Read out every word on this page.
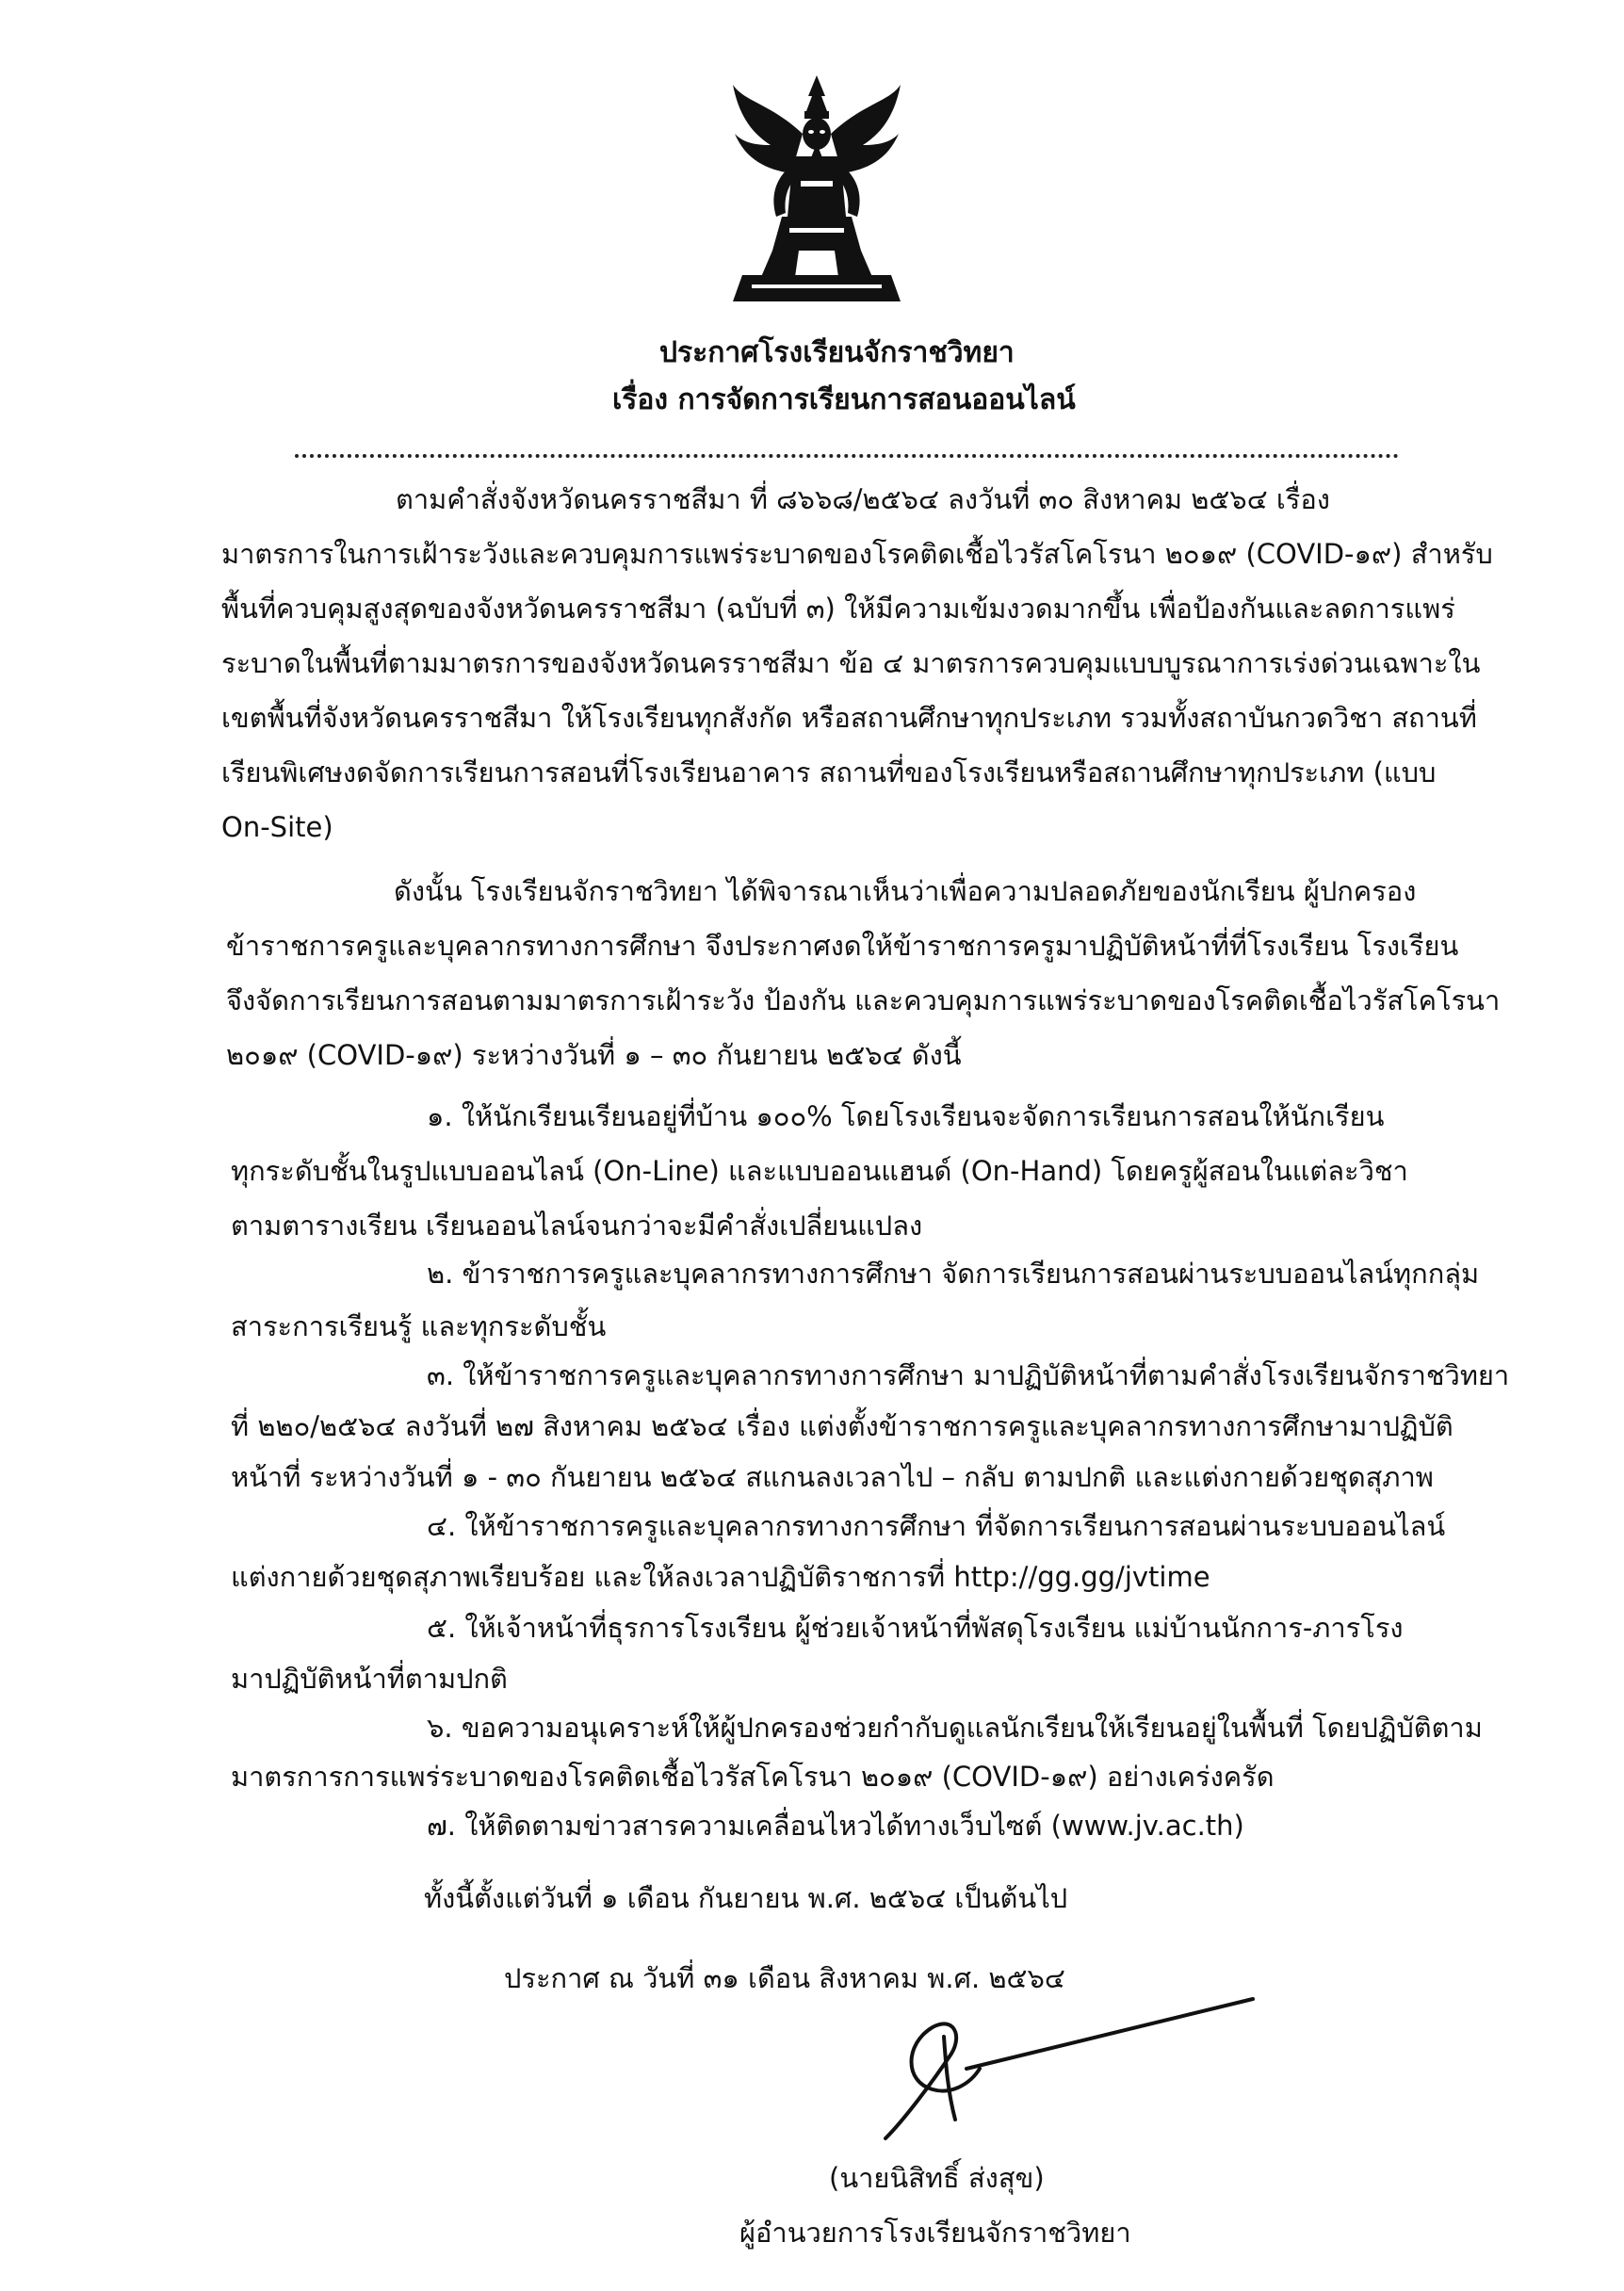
ประกาศโรงเรียนจักราชวิทยา
เรื่อง การจัดการเรียนการสอนออนไลน์
ตามคำสั่งจังหวัดนครราชสีมา ที่ ๘๖๖๘/๒๕๖๔ ลงวันที่ ๓๐ สิงหาคม ๒๕๖๔ เรื่อง
มาตรการในการเฝ้าระวังและควบคุมการแพร่ระบาดของโรคติดเชื้อไวรัสโคโรนา ๒๐๑๙ (COVID-๑๙) สำหรับ
พื้นที่ควบคุมสูงสุดของจังหวัดนครราชสีมา (ฉบับที่ ๓) ให้มีความเข้มงวดมากขึ้น เพื่อป้องกันและลดการแพร่
ระบาดในพื้นที่ตามมาตรการของจังหวัดนครราชสีมา ข้อ ๔ มาตรการควบคุมแบบบูรณาการเร่งด่วนเฉพาะใน
เขตพื้นที่จังหวัดนครราชสีมา ให้โรงเรียนทุกสังกัด หรือสถานศึกษาทุกประเภท รวมทั้งสถาบันกวดวิชา สถานที่
เรียนพิเศษงดจัดการเรียนการสอนที่โรงเรียนอาคาร สถานที่ของโรงเรียนหรือสถานศึกษาทุกประเภท (แบบ
On-Site)
ดังนั้น โรงเรียนจักราชวิทยา ได้พิจารณาเห็นว่าเพื่อความปลอดภัยของนักเรียน ผู้ปกครอง
ข้าราชการครูและบุคลากรทางการศึกษา จึงประกาศงดให้ข้าราชการครูมาปฏิบัติหน้าที่ที่โรงเรียน โรงเรียน
จึงจัดการเรียนการสอนตามมาตรการเฝ้าระวัง ป้องกัน และควบคุมการแพร่ระบาดของโรคติดเชื้อไวรัสโคโรนา
๒๐๑๙ (COVID-๑๙) ระหว่างวันที่ ๑ – ๓๐ กันยายน ๒๕๖๔ ดังนี้
๑. ให้นักเรียนเรียนอยู่ที่บ้าน ๑๐๐% โดยโรงเรียนจะจัดการเรียนการสอนให้นักเรียน
ทุกระดับชั้นในรูปแบบออนไลน์ (On-Line) และแบบออนแฮนด์ (On-Hand) โดยครูผู้สอนในแต่ละวิชา
ตามตารางเรียน เรียนออนไลน์จนกว่าจะมีคำสั่งเปลี่ยนแปลง
๒. ข้าราชการครูและบุคลากรทางการศึกษา จัดการเรียนการสอนผ่านระบบออนไลน์ทุกกลุ่ม
สาระการเรียนรู้ และทุกระดับชั้น
๓. ให้ข้าราชการครูและบุคลากรทางการศึกษา มาปฏิบัติหน้าที่ตามคำสั่งโรงเรียนจักราชวิทยา
ที่ ๒๒๐/๒๕๖๔ ลงวันที่ ๒๗ สิงหาคม ๒๕๖๔ เรื่อง แต่งตั้งข้าราชการครูและบุคลากรทางการศึกษามาปฏิบัติ
หน้าที่ ระหว่างวันที่ ๑ - ๓๐ กันยายน ๒๕๖๔ สแกนลงเวลาไป – กลับ ตามปกติ และแต่งกายด้วยชุดสุภาพ
๔. ให้ข้าราชการครูและบุคลากรทางการศึกษา ที่จัดการเรียนการสอนผ่านระบบออนไลน์
แต่งกายด้วยชุดสุภาพเรียบร้อย และให้ลงเวลาปฏิบัติราชการที่ http://gg.gg/jvtime
๕. ให้เจ้าหน้าที่ธุรการโรงเรียน ผู้ช่วยเจ้าหน้าที่พัสดุโรงเรียน แม่บ้านนักการ-ภารโรง
มาปฏิบัติหน้าที่ตามปกติ
๖. ขอความอนุเคราะห์ให้ผู้ปกครองช่วยกำกับดูแลนักเรียนให้เรียนอยู่ในพื้นที่ โดยปฏิบัติตาม
มาตรการการแพร่ระบาดของโรคติดเชื้อไวรัสโคโรนา ๒๐๑๙ (COVID-๑๙) อย่างเคร่งครัด
๗. ให้ติดตามข่าวสารความเคลื่อนไหวได้ทางเว็บไซต์ (www.jv.ac.th)
ทั้งนี้ตั้งแต่วันที่ ๑ เดือน กันยายน พ.ศ. ๒๕๖๔ เป็นต้นไป
ประกาศ ณ วันที่ ๓๑ เดือน สิงหาคม พ.ศ. ๒๕๖๔
(นายนิสิทธิ์ ส่งสุข)
ผู้อำนวยการโรงเรียนจักราชวิทยา
